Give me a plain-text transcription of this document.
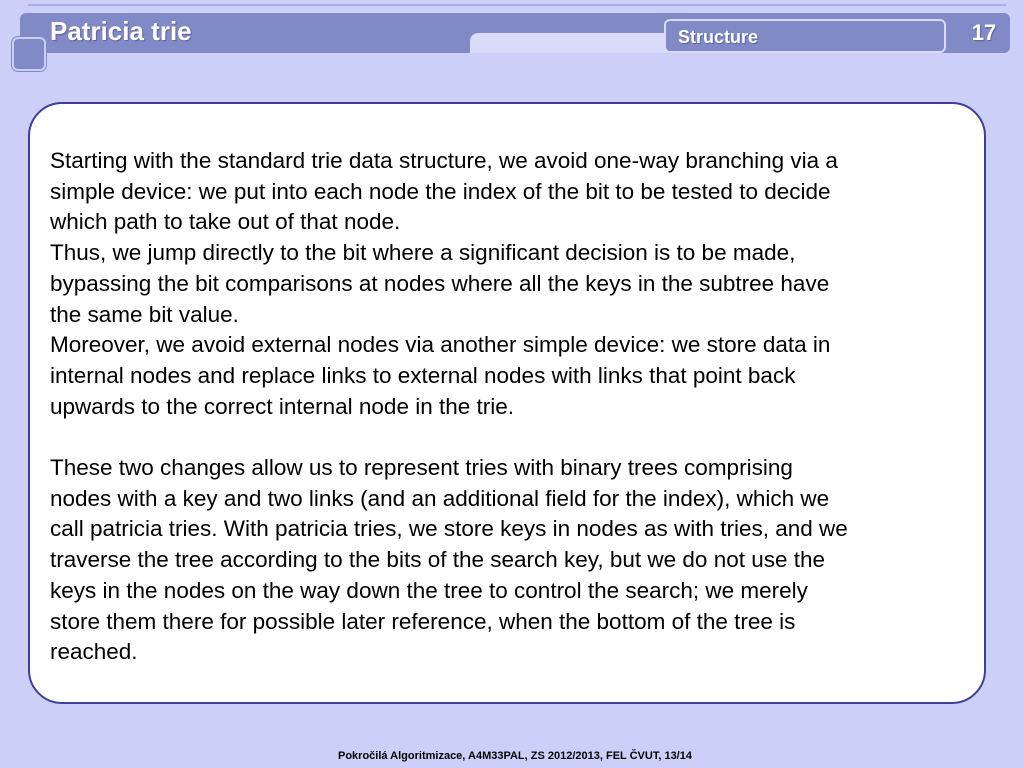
Patricia trie	Structure	17

Starting with the standard trie data structure, we avoid one-way branching via a
simple device: we put into each node the index of the bit to be tested to decide
which path to take out of that node.
Thus, we jump directly to the bit where a significant decision is to be made,
bypassing the bit comparisons at nodes where all the keys in the subtree have
the same bit value.
Moreover, we avoid external nodes via another simple device: we store data in
internal nodes and replace links to external nodes with links that point back
upwards to the correct internal node in the trie.

These two changes allow us to represent tries with binary trees comprising
nodes with a key and two links (and an additional field for the index), which we
call patricia tries. With patricia tries, we store keys in nodes as with tries, and we
traverse the tree according to the bits of the search key, but we do not use the
keys in the nodes on the way down the tree to control the search; we merely
store them there for possible later reference, when the bottom of the tree is
reached.

Pokročilá Algoritmizace, A4M33PAL, ZS 2012/2013, FEL ČVUT, 13/14
